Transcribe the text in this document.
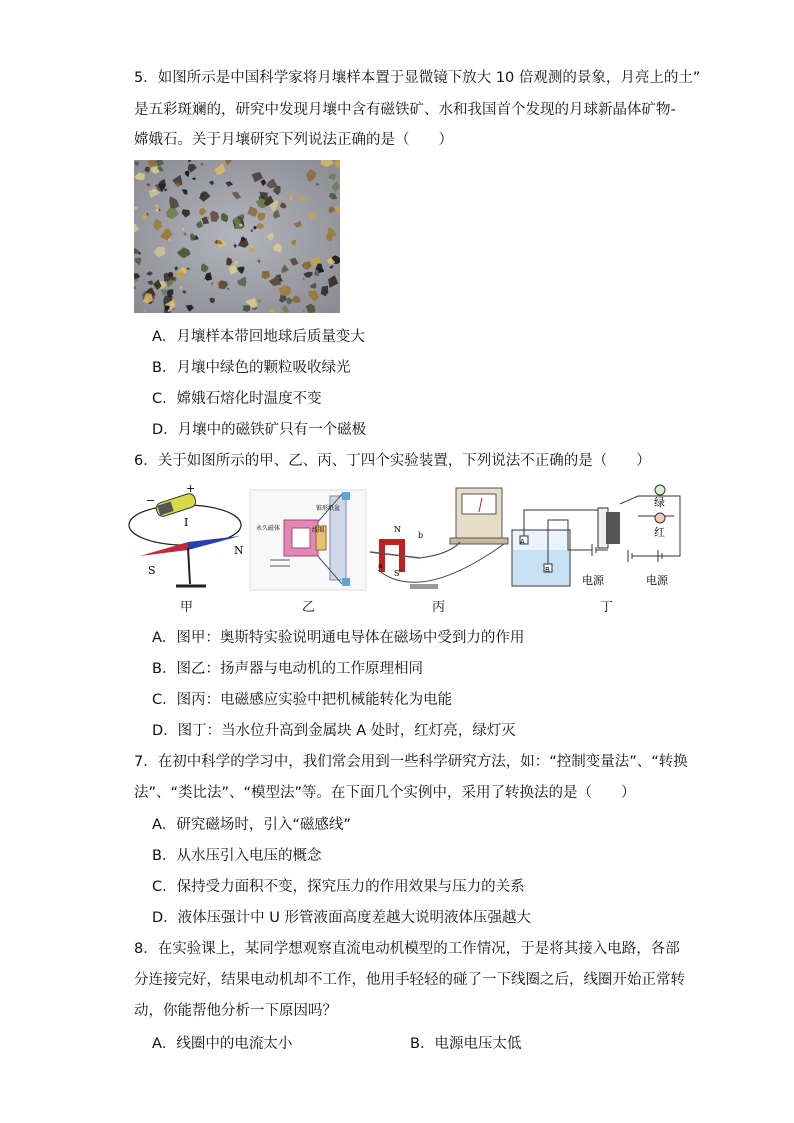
5．如图所示是中国科学家将月壤样本置于显微镜下放大 10 倍观测的景象，月亮上的土”
是五彩斑斓的，研究中发现月壤中含有磁铁矿、水和我国首个发现的月球新晶体矿物-
嫦娥石。关于月壤研究下列说法正确的是（　　）
A．月壤样本带回地球后质量变大
B．月壤中绿色的颗粒吸收绿光
C．嫦娥石熔化时温度不变
D．月壤中的磁铁矿只有一个磁极
6．关于如图所示的甲、乙、丙、丁四个实验装置，下列说法不正确的是（　　）
+
−
I
N
S
永久磁体	线圈
锥形纸盆
N
S
a
b
A
B
电源	电源
绿
红
甲	乙	丙	丁
A．图甲：奥斯特实验说明通电导体在磁场中受到力的作用
B．图乙：扬声器与电动机的工作原理相同
C．图丙：电磁感应实验中把机械能转化为电能
D．图丁：当水位升高到金属块 A 处时，红灯亮，绿灯灭
7．在初中科学的学习中，我们常会用到一些科学研究方法，如：“控制变量法”、“转换
法”、“类比法”、“模型法”等。在下面几个实例中，采用了转换法的是（　　）
A．研究磁场时，引入“磁感线”
B．从水压引入电压的概念
C．保持受力面积不变，探究压力的作用效果与压力的关系
D．液体压强计中 U 形管液面高度差越大说明液体压强越大
8．在实验课上，某同学想观察直流电动机模型的工作情况，于是将其接入电路，各部
分连接完好，结果电动机却不工作，他用手轻轻的碰了一下线圈之后，线圈开始正常转
动，你能帮他分析一下原因吗？
A．线圈中的电流太小	B．电源电压太低
